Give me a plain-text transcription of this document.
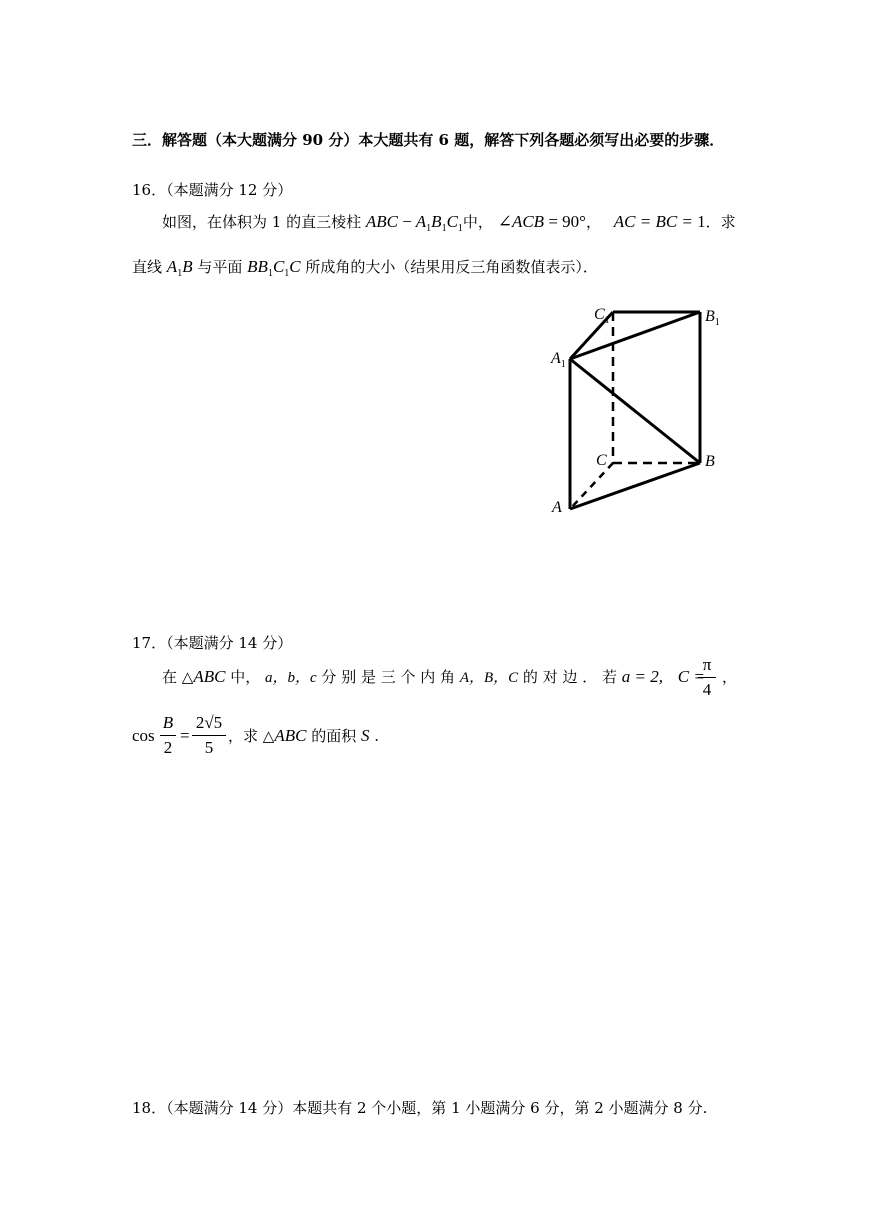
三．解答题（本大题满分 90 分）本大题共有 6 题，解答下列各题必须写出必要的步骤．
16．（本题满分 12 分）
如图，在体积为 1 的直三棱柱 ABC − $A_1B_1C_1$中， ∠ACB = 90°， AC = BC = 1．求
直线 $A_1B$ 与平面 $BB_1C_1C$ 所成角的大小（结果用反三角函数值表示）．
$C_1$	$B_1$
$A_1$
C	B
A
17．（本题满分 14 分）
在 △ABC 中， a，b，c 分 别 是 三 个 内 角 A，B，C 的 对 边 ． 若 a = 2, C =
π
4
，
cos
B
2
=
2√5
5
，求 △ABC 的面积 S .
18．（本题满分 14 分）本题共有 2 个小题，第 1 小题满分 6 分，第 2 小题满分 8 分.
